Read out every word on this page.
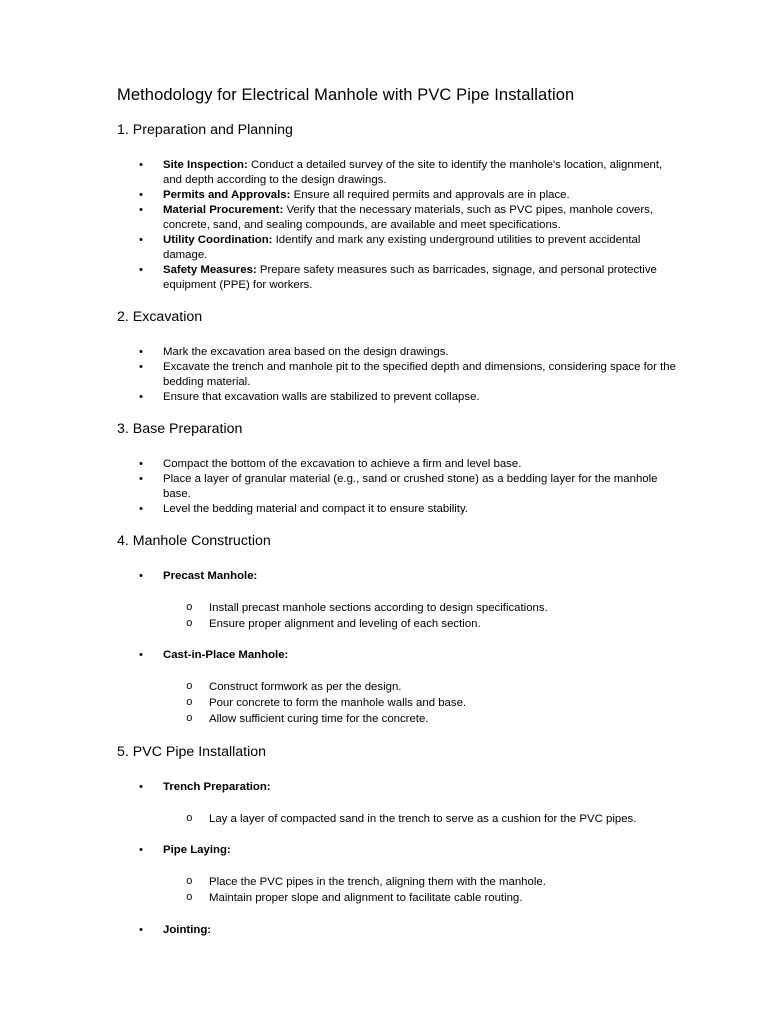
Methodology for Electrical Manhole with PVC Pipe Installation
1. Preparation and Planning
• Site Inspection: Conduct a detailed survey of the site to identify the manhole's location, alignment, and depth according to the design drawings.
• Permits and Approvals: Ensure all required permits and approvals are in place.
• Material Procurement: Verify that the necessary materials, such as PVC pipes, manhole covers, concrete, sand, and sealing compounds, are available and meet specifications.
• Utility Coordination: Identify and mark any existing underground utilities to prevent accidental damage.
• Safety Measures: Prepare safety measures such as barricades, signage, and personal protective equipment (PPE) for workers.
2. Excavation
• Mark the excavation area based on the design drawings.
• Excavate the trench and manhole pit to the specified depth and dimensions, considering space for the bedding material.
• Ensure that excavation walls are stabilized to prevent collapse.
3. Base Preparation
• Compact the bottom of the excavation to achieve a firm and level base.
• Place a layer of granular material (e.g., sand or crushed stone) as a bedding layer for the manhole base.
• Level the bedding material and compact it to ensure stability.
4. Manhole Construction
• Precast Manhole:
o Install precast manhole sections according to design specifications.
o Ensure proper alignment and leveling of each section.
• Cast-in-Place Manhole:
o Construct formwork as per the design.
o Pour concrete to form the manhole walls and base.
o Allow sufficient curing time for the concrete.
5. PVC Pipe Installation
• Trench Preparation:
o Lay a layer of compacted sand in the trench to serve as a cushion for the PVC pipes.
• Pipe Laying:
o Place the PVC pipes in the trench, aligning them with the manhole.
o Maintain proper slope and alignment to facilitate cable routing.
• Jointing:
